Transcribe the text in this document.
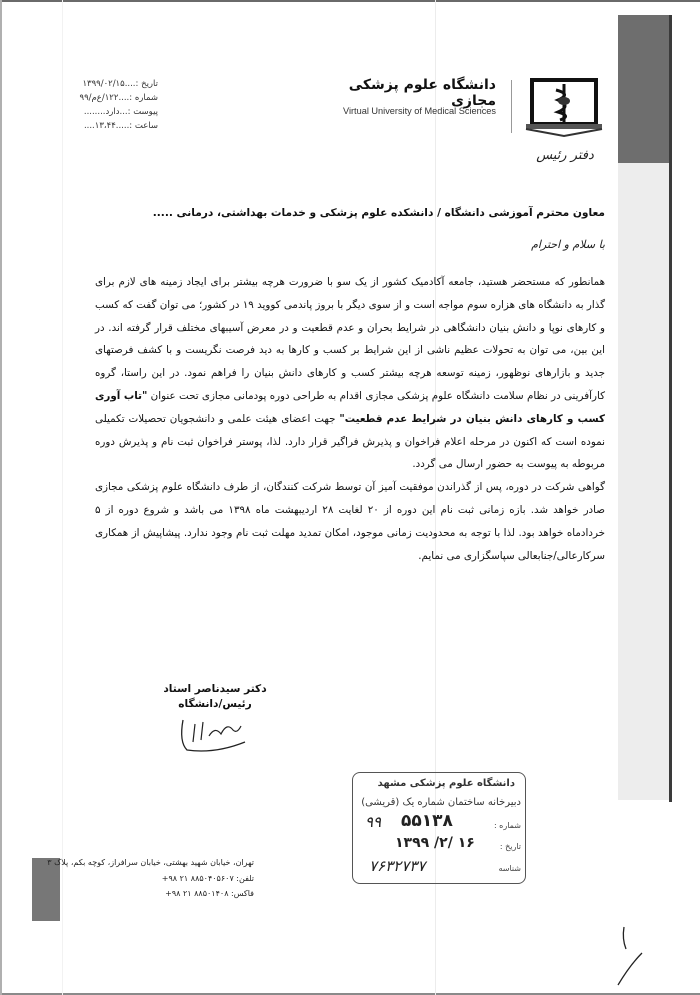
تاریخ :....۱۳۹۹/۰۲/۱۵
شماره :....۱۲۲/ع‌م/۹۹
پیوست :...دارد........
ساعت :.....۱۳،۴۴....
دانشگاه علوم پزشکی مجازی
Virtual University of Medical Sciences
دفتر رئیس
معاون محترم آموزشی دانشگاه / دانشکده علوم پزشکی و خدمات بهداشتی، درمانی .....
با سلام و احترام

همانطور که مستحضر هستید، جامعه آکادمیک کشور از یک سو با ضرورت هرچه بیشتر برای ایجاد زمینه های لازم برای گذار به دانشگاه های هزاره سوم مواجه است و از سوی دیگر با بروز پاندمی کووید ۱۹ در کشور؛ می توان گفت که کسب و کارهای نوپا و دانش بنیان دانشگاهی در شرایط بحران و عدم قطعیت و در معرض آسیبهای مختلف قرار گرفته اند. در این بین، می توان به تحولات عظیم ناشی از این شرایط بر کسب و کارها به دید فرصت نگریست و با کشف فرصتهای جدید و بازارهای نوظهور، زمینه توسعه هرچه بیشتر کسب و کارهای دانش بنیان را فراهم نمود. در این راستا، گروه کارآفرینی در نظام سلامت دانشگاه علوم پزشکی مجازی اقدام به طراحی دوره پودمانی مجازی تحت عنوان "تاب آوری کسب و کارهای دانش بنیان در شرایط عدم قطعیت" جهت اعضای هیئت علمی و دانشجویان تحصیلات تکمیلی نموده است که اکنون در مرحله اعلام فراخوان و پذیرش فراگیر قرار دارد. لذا، پوستر فراخوان ثبت نام و پذیرش دوره مربوطه به پیوست به حضور ارسال می گردد.

گواهی شرکت در دوره، پس از گذراندن موفقیت آمیز آن توسط شرکت کنندگان، از طرف دانشگاه علوم پزشکی مجازی صادر خواهد شد. بازه زمانی ثبت نام این دوره از ۲۰ لغایت ۲۸ اردیبهشت ماه ۱۳۹۸ می باشد و شروع دوره از ۵ خردادماه خواهد بود. لذا با توجه به محدودیت زمانی موجود، امکان تمدید مهلت ثبت نام وجود ندارد. پیشاپیش از همکاری سرکارعالی/جنابعالی سپاسگزاری می نمایم.

دکتر سیدناصر استاد
رئیس/دانشگاه
دانشگاه علوم پزشکی مشهد
دبیرخانه ساختمان شماره یک (قریشی)
شماره :
۹۹ ۵۵۱۳۸
تاریخ :
۱۳۹۹ /۲/ ۱۶
شناسه
۷۶۳۲۷۳۷
تهران، خیابان شهید بهشتی، خیابان سرافراز، کوچه بکم، پلاک ۳
تلفن: ۸۸۵۰۴۰۵۶۰۷ ۲۱ ۹۸+
فاکس: ۸۸۵۰۱۴۰۸ ۲۱ ۹۸+
